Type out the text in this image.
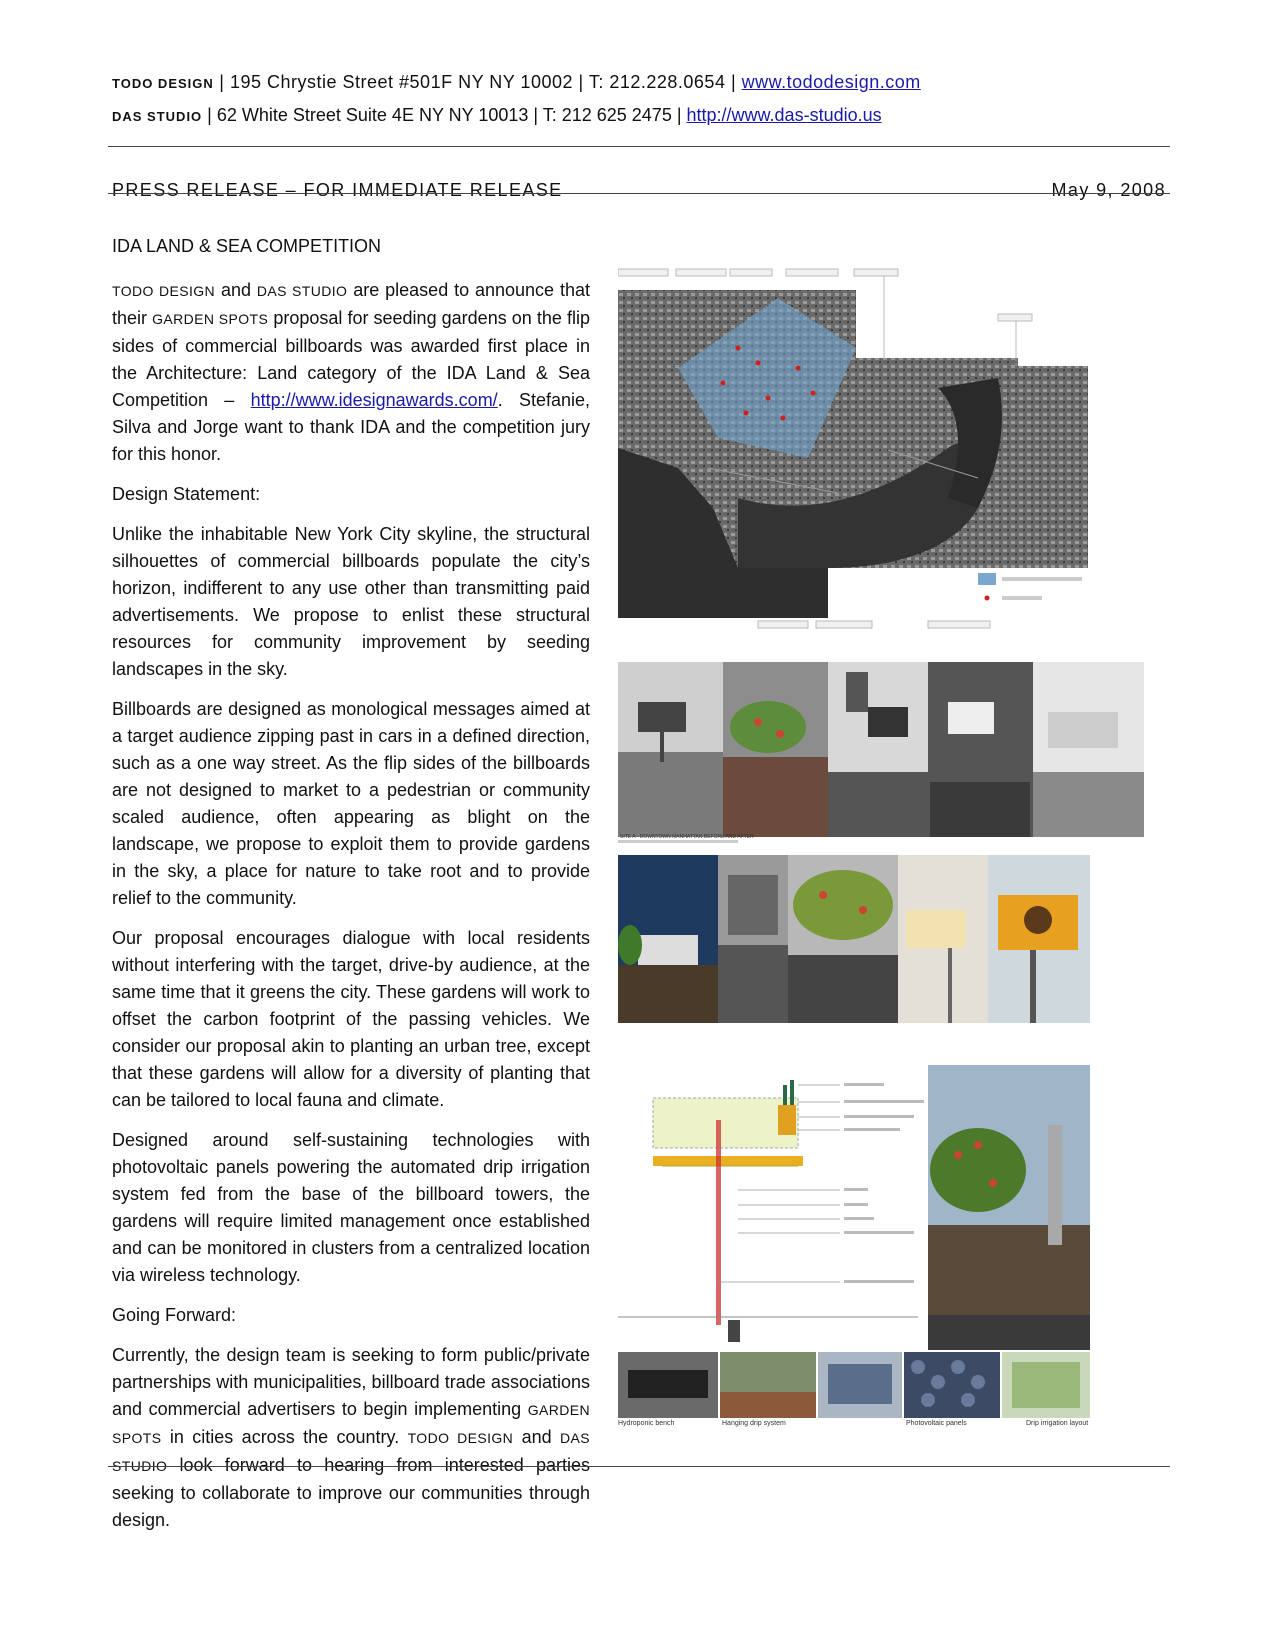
TODO DESIGN | 195 Chrystie Street #501F NY NY 10002 | T: 212.228.0654 | www.tododesign.com
DAS STUDIO | 62 White Street Suite 4E NY NY 10013 | T: 212 625 2475 | http://www.das-studio.us
PRESS RELEASE – FOR IMMEDIATE RELEASE	May 9, 2008

IDA LAND & SEA COMPETITION

TODO DESIGN and DAS STUDIO are pleased to announce that their GARDEN SPOTS proposal for seeding gardens on the flip sides of commercial billboards was awarded first place in the Architecture: Land category of the IDA Land & Sea Competition – http://www.idesignawards.com/. Stefanie, Silva and Jorge want to thank IDA and the competition jury for this honor.

Design Statement:

Unlike the inhabitable New York City skyline, the structural silhouettes of commercial billboards populate the city’s horizon, indifferent to any use other than transmitting paid advertisements. We propose to enlist these structural resources for community improvement by seeding landscapes in the sky.

Billboards are designed as monological messages aimed at a target audience zipping past in cars in a defined direction, such as a one way street. As the flip sides of the billboards are not designed to market to a pedestrian or community scaled audience, often appearing as blight on the landscape, we propose to exploit them to provide gardens in the sky, a place for nature to take root and to provide relief to the community.

Our proposal encourages dialogue with local residents without interfering with the target, drive-by audience, at the same time that it greens the city. These gardens will work to offset the carbon footprint of the passing vehicles. We consider our proposal akin to planting an urban tree, except that these gardens will allow for a diversity of planting that can be tailored to local fauna and climate.

Designed around self-sustaining technologies with photovoltaic panels powering the automated drip irrigation system fed from the base of the billboard towers, the gardens will require limited management once established and can be monitored in clusters from a centralized location via wireless technology.

Going Forward:

Currently, the design team is seeking to form public/private partnerships with municipalities, billboard trade associations and commercial advertisers to begin implementing GARDEN SPOTS in cities across the country. TODO DESIGN and DAS STUDIO look forward to hearing from interested parties seeking to collaborate to improve our communities through design.

SITE A - DOWNTOWN MANHATTAN BEFORE AND AFTER
Hydroponic bench	Hanging drip system	Photovoltaic panels	Drip irrigation layout
